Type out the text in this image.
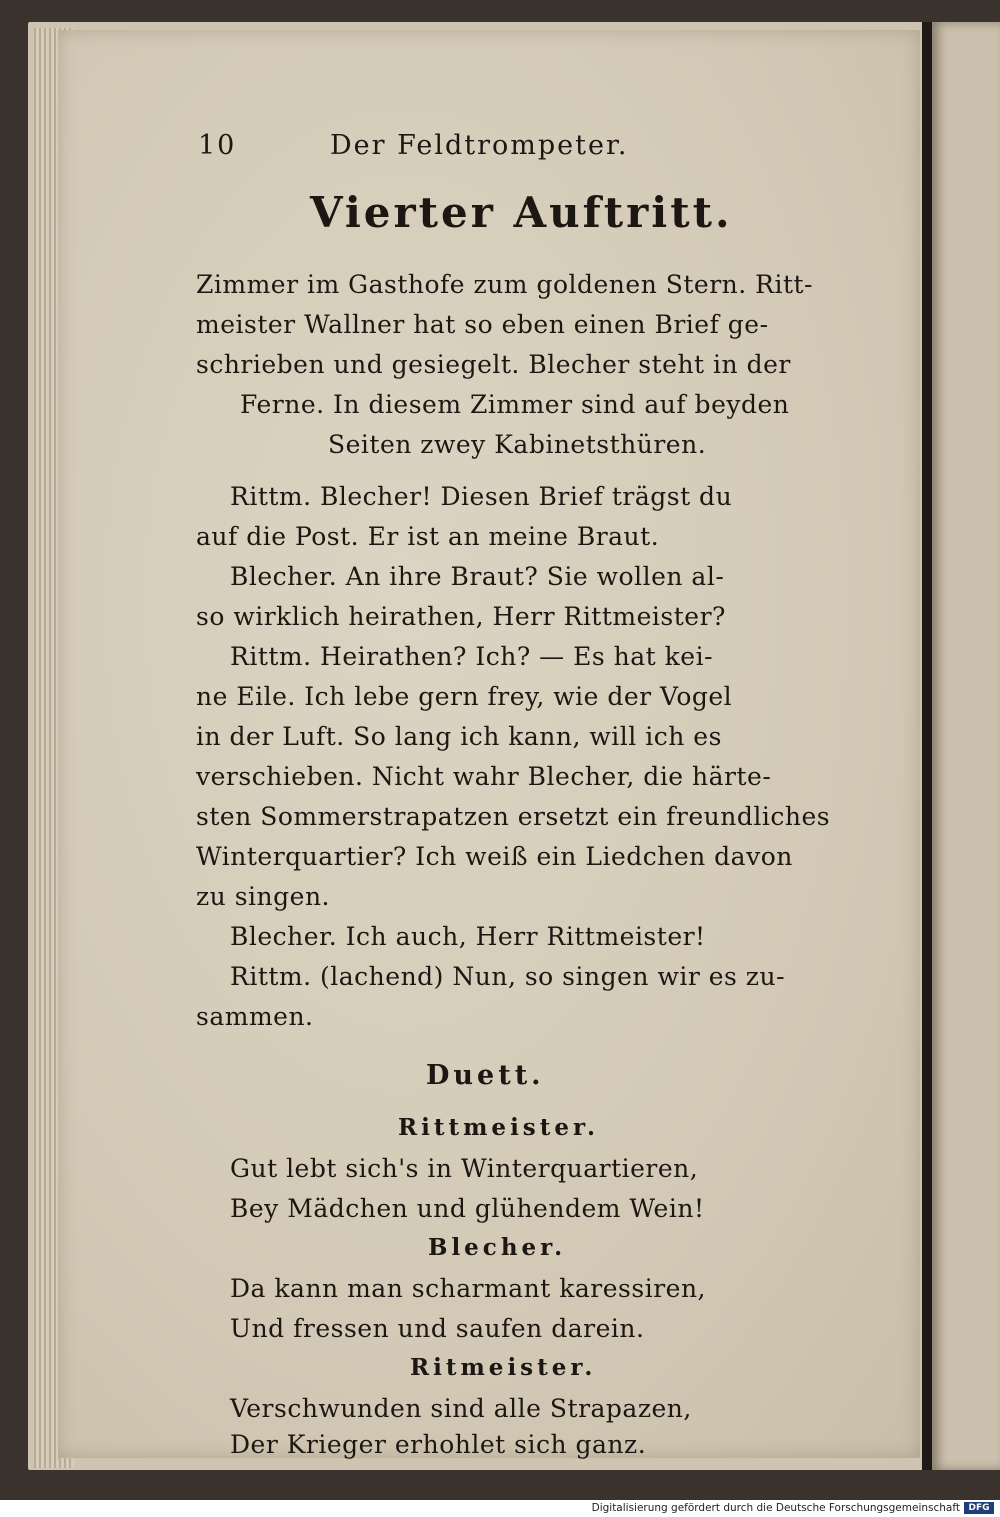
10	Der Feldtrompeter.
Vierter Auftritt.
Zimmer im Gasthofe zum goldenen Stern. Ritt-
meister Wallner hat so eben einen Brief ge-
schrieben und gesiegelt. Blecher steht in der
Ferne. In diesem Zimmer sind auf beyden
Seiten zwey Kabinetsthüren.
Rittm. Blecher! Diesen Brief trägst du
auf die Post. Er ist an meine Braut.
Blecher. An ihre Braut? Sie wollen al-
so wirklich heirathen, Herr Rittmeister?
Rittm. Heirathen? Ich? — Es hat kei-
ne Eile. Ich lebe gern frey, wie der Vogel
in der Luft. So lang ich kann, will ich es
verschieben. Nicht wahr Blecher, die härte-
sten Sommerstrapatzen ersetzt ein freundliches
Winterquartier? Ich weiß ein Liedchen davon
zu singen.
Blecher. Ich auch, Herr Rittmeister!
Rittm. (lachend) Nun, so singen wir es zu-
sammen.
Duett.
Rittmeister.
Gut lebt sich's in Winterquartieren,
Bey Mädchen und glühendem Wein!
Blecher.
Da kann man scharmant karessiren,
Und fressen und saufen darein.
Ritmeister.
Verschwunden sind alle Strapazen,
Der Krieger erhohlet sich ganz.
Digitalisierung gefördert durch die Deutsche Forschungsgemeinschaft DFG
